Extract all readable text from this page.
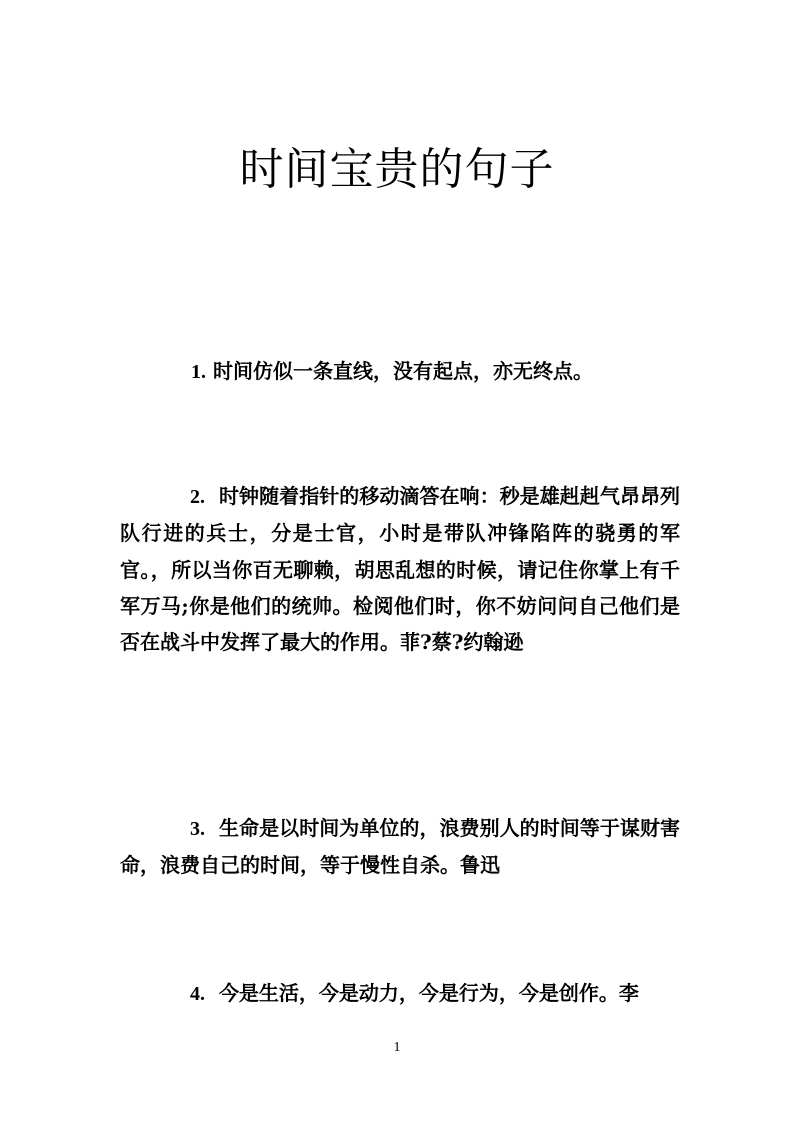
时间宝贵的句子

1. 时间仿似一条直线，没有起点，亦无终点。

2. 时钟随着指针的移动滴答在响：秒是雄赳赳气昂昂列队行进的兵士，分是士官，小时是带队冲锋陷阵的骁勇的军官。，所以当你百无聊赖，胡思乱想的时候，请记住你掌上有千军万马;你是他们的统帅。检阅他们时，你不妨问问自己他们是否在战斗中发挥了最大的作用。菲?蔡?约翰逊

3. 生命是以时间为单位的，浪费别人的时间等于谋财害命，浪费自己的时间，等于慢性自杀。鲁迅

4. 今是生活，今是动力，今是行为，今是创作。李

1
